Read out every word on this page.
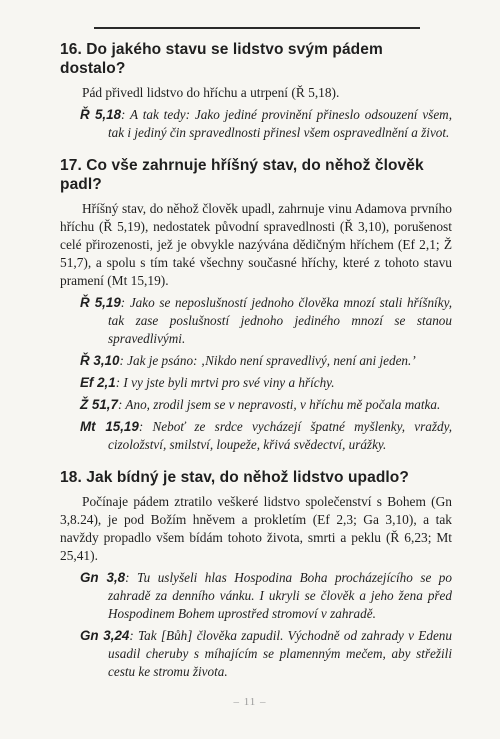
16. Do jakého stavu se lidstvo svým pádem dostalo?

Pád přivedl lidstvo do hříchu a utrpení (Ř 5,18).

Ř 5,18: A tak tedy: Jako jediné provinění přineslo odsouzení všem, tak i jediný čin spravedlnosti přinesl všem ospravedlnění a život.

17. Co vše zahrnuje hříšný stav, do něhož člověk padl?

Hříšný stav, do něhož člověk upadl, zahrnuje vinu Adamova prvního hříchu (Ř 5,19), nedostatek původní spravedlnosti (Ř 3,10), porušenost celé přirozenosti, jež je obvykle nazývána dědičným hříchem (Ef 2,1; Ž 51,7), a spolu s tím také všechny současné hříchy, které z tohoto stavu pramení (Mt 15,19).

Ř 5,19: Jako se neposlušností jednoho člověka mnozí stali hříšníky, tak zase poslušností jednoho jediného mnozí se stanou spravedlivými.

Ř 3,10: Jak je psáno: ‚Nikdo není spravedlivý, není ani jeden.’

Ef 2,1: I vy jste byli mrtvi pro své viny a hříchy.

Ž 51,7: Ano, zrodil jsem se v nepravosti, v hříchu mě počala matka.

Mt 15,19: Neboť ze srdce vycházejí špatné myšlenky, vraždy, cizoložství, smilství, loupeže, křivá svědectví, urážky.

18. Jak bídný je stav, do něhož lidstvo upadlo?

Počínaje pádem ztratilo veškeré lidstvo společenství s Bohem (Gn 3,8.24), je pod Božím hněvem a prokletím (Ef 2,3; Ga 3,10), a tak navždy propadlo všem bídám tohoto života, smrti a peklu (Ř 6,23; Mt 25,41).

Gn 3,8: Tu uslyšeli hlas Hospodina Boha procházejícího se po zahradě za denního vánku. I ukryli se člověk a jeho žena před Hospodinem Bohem uprostřed stromoví v zahradě.

Gn 3,24: Tak [Bůh] člověka zapudil. Východně od zahrady v Edenu usadil cheruby s míhajícím se plamenným mečem, aby střežili cestu ke stromu života.

– 11 –
